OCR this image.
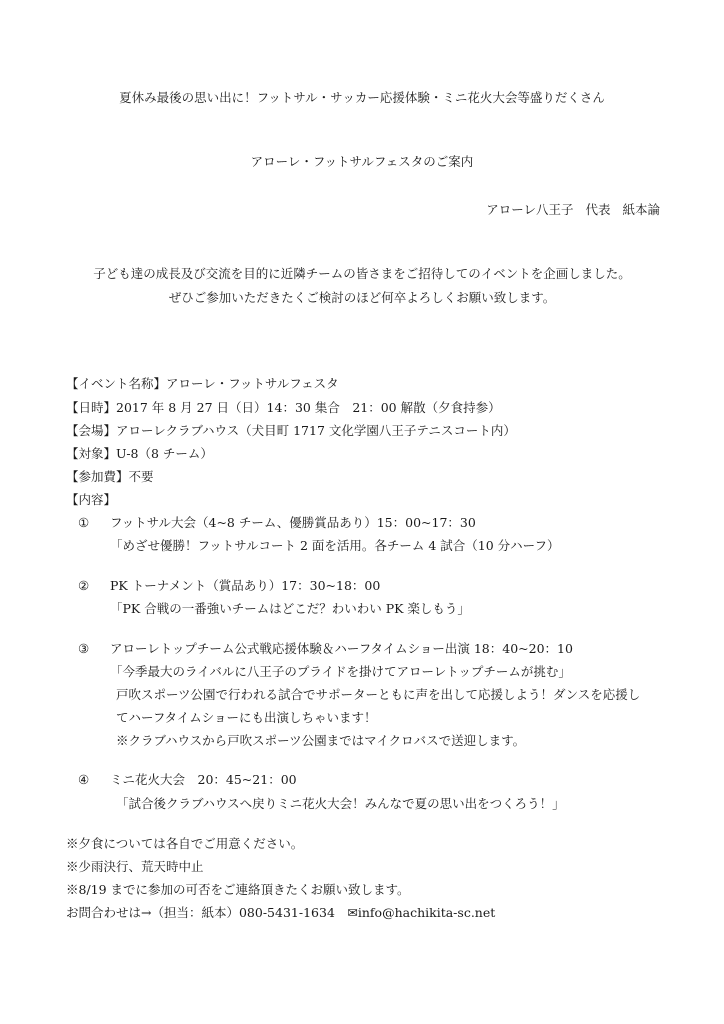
夏休み最後の思い出に！フットサル・サッカー応援体験・ミニ花火大会等盛りだくさん
アローレ・フットサルフェスタのご案内
アローレ八王子 代表 紙本論
子ども達の成長及び交流を目的に近隣チームの皆さまをご招待してのイベントを企画しました。
ぜひご参加いただきたくご検討のほど何卒よろしくお願い致します。
【イベント名称】アローレ・フットサルフェスタ
【日時】2017 年 8 月 27 日（日）14：30 集合　21：00 解散（夕食持参）
【会場】アローレクラブハウス（犬目町 1717 文化学園八王子テニスコート内）
【対象】U-8（8 チーム）
【参加費】不要
【内容】
① フットサル大会（4~8 チーム、優勝賞品あり）15：00~17：30
「めざせ優勝！フットサルコート 2 面を活用。各チーム 4 試合（10 分ハーフ）
② PK トーナメント（賞品あり）17：30~18：00
「PK 合戦の一番強いチームはどこだ？わいわい PK 楽しもう」
③ アローレトップチーム公式戦応援体験＆ハーフタイムショー出演 18：40~20：10
「今季最大のライバルに八王子のプライドを掛けてアローレトップチームが挑む」
戸吹スポーツ公園で行われる試合でサポーターともに声を出して応援しよう！ダンスを応援し
てハーフタイムショーにも出演しちゃいます！
※クラブハウスから戸吹スポーツ公園まではマイクロバスで送迎します。
④ ミニ花火大会　20：45~21：00
「試合後クラブハウスへ戻りミニ花火大会！みんなで夏の思い出をつくろう！」
※夕食については各自でご用意ください。
※少雨決行、荒天時中止
※8/19 までに参加の可否をご連絡頂きたくお願い致します。
お問合わせは→（担当：紙本）080-5431-1634　✉info@hachikita-sc.net
